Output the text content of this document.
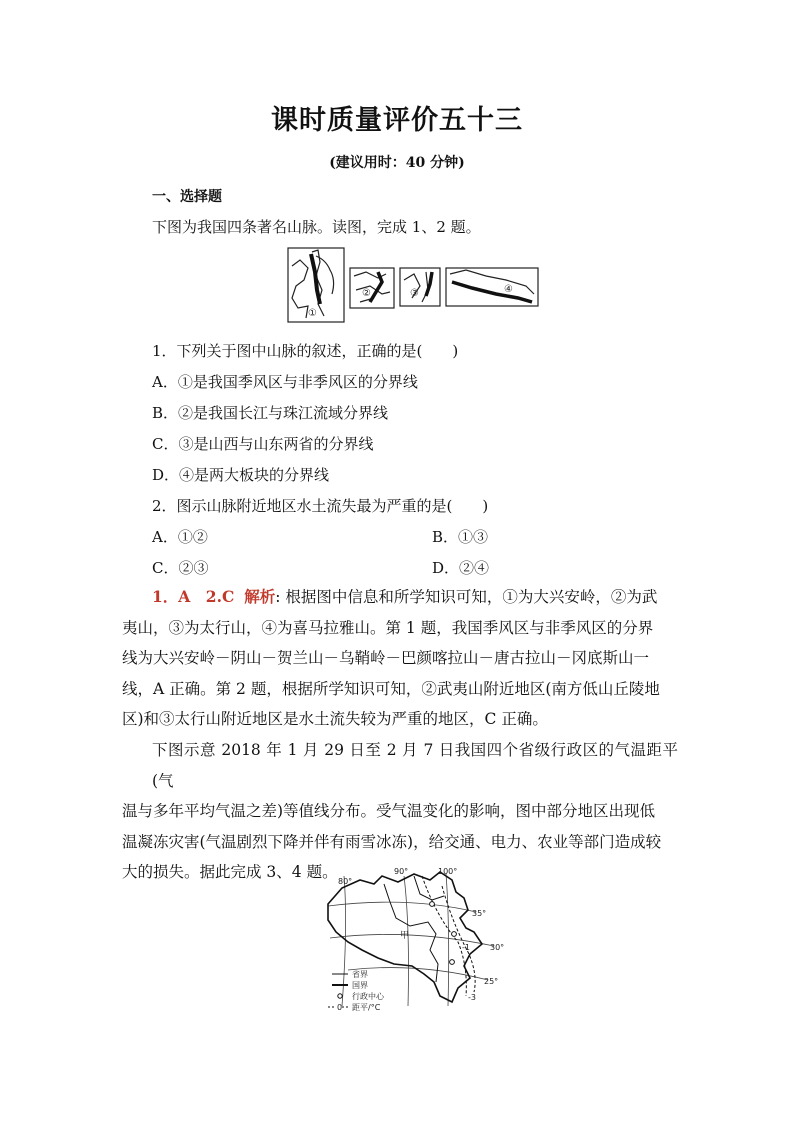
课时质量评价五十三
(建议用时：40 分钟)
一、选择题
下图为我国四条著名山脉。读图，完成 1、2 题。
①
②	③	④
1．下列关于图中山脉的叙述，正确的是(　　)
A．①是我国季风区与非季风区的分界线
B．②是我国长江与珠江流域分界线
C．③是山西与山东两省的分界线
D．④是两大板块的分界线
2．图示山脉附近地区水土流失最为严重的是(　　)
A．①②	B．①③
C．②③	D．②④
1．A　2.C 解析: 根据图中信息和所学知识可知，①为大兴安岭，②为武
夷山，③为太行山，④为喜马拉雅山。第 1 题，我国季风区与非季风区的分界
线为大兴安岭－阴山－贺兰山－乌鞘岭－巴颜喀拉山－唐古拉山－冈底斯山一
线，A 正确。第 2 题，根据所学知识可知，②武夷山附近地区(南方低山丘陵地
区)和③太行山附近地区是水土流失较为严重的地区，C 正确。
下图示意 2018 年 1 月 29 日至 2 月 7 日我国四个省级行政区的气温距平(气
温与多年平均气温之差)等值线分布。受气温变化的影响，图中部分地区出现低
温凝冻灾害(气温剧烈下降并伴有雨雪冰冻)，给交通、电力、农业等部门造成较
大的损失。据此完成 3、4 题。
80°
90°	100°
35°
30°
25°
甲
-1
-3
省界
国界
行政中心
0 距平/°C
